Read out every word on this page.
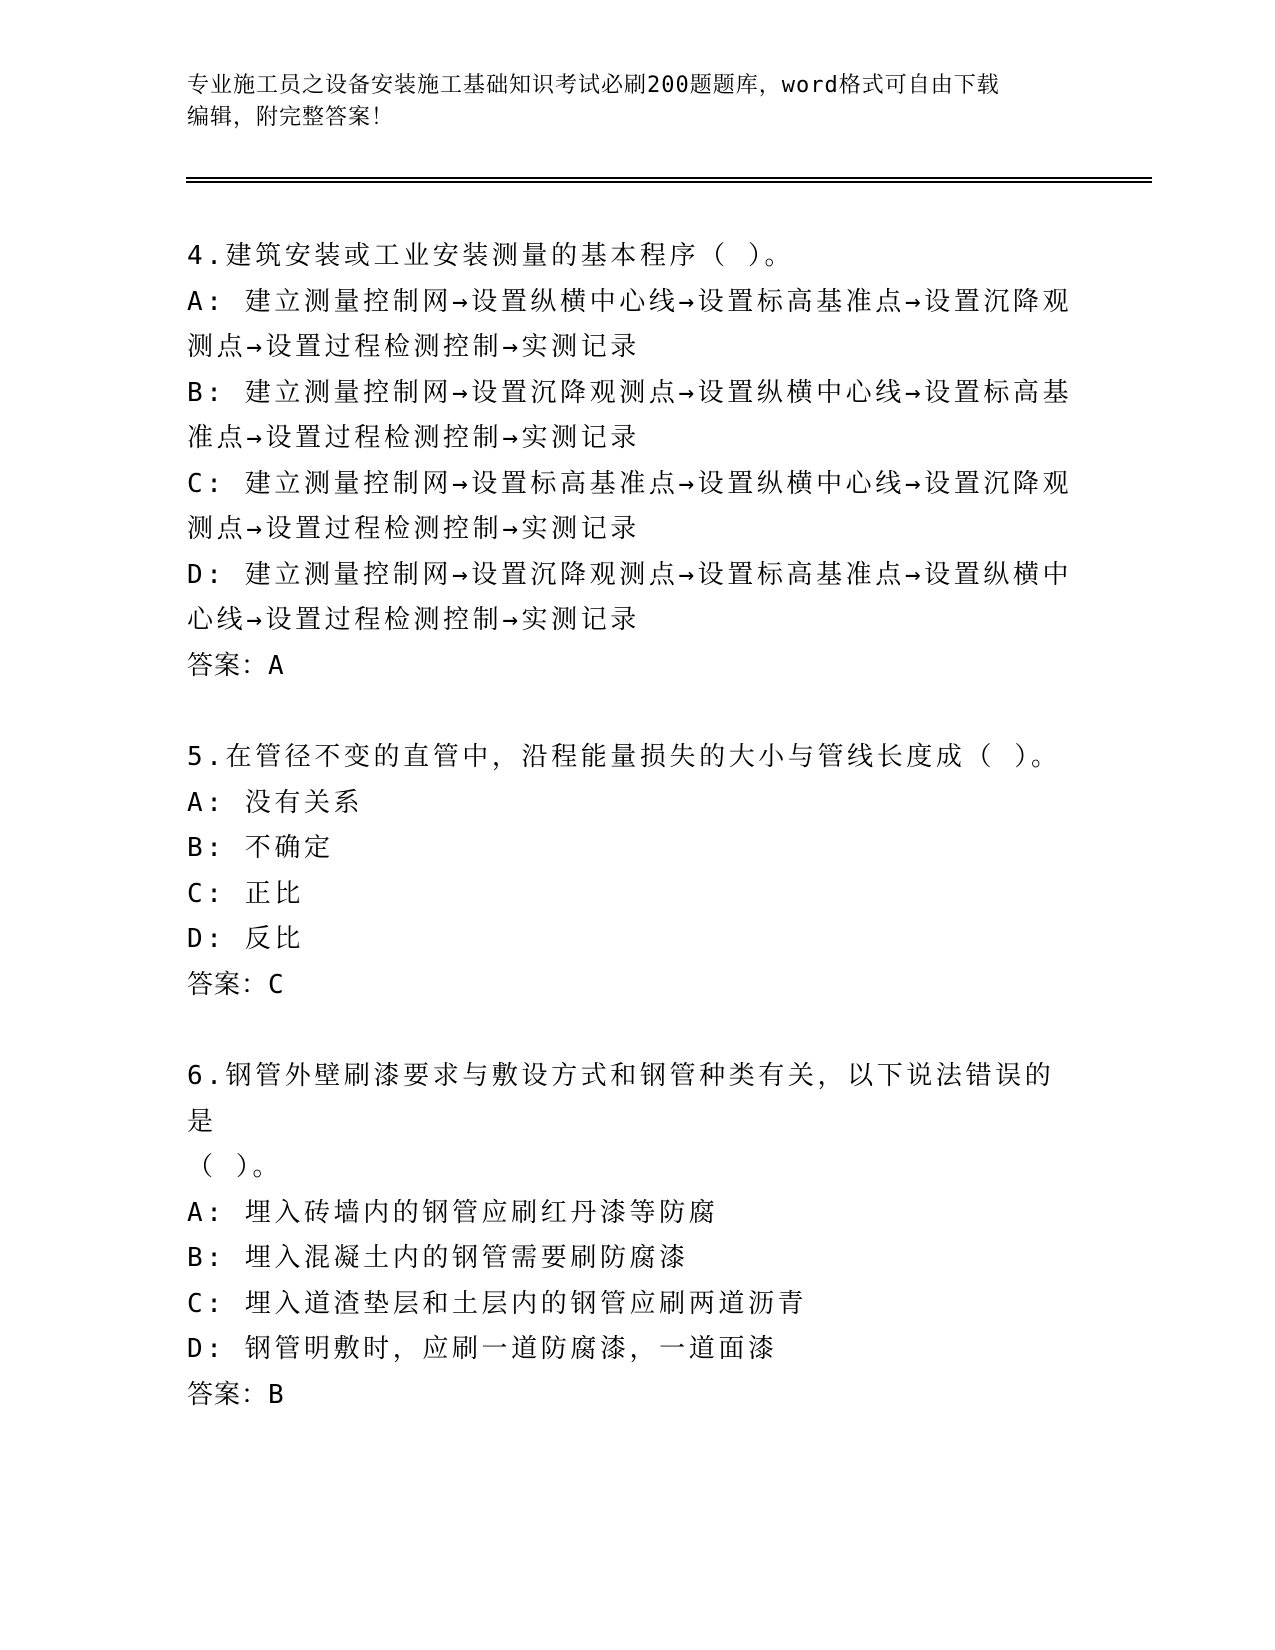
专业施工员之设备安装施工基础知识考试必刷200题题库，word格式可自由下载
编辑，附完整答案！

4.建筑安装或工业安装测量的基本程序（ ）。

A: 建立测量控制网→设置纵横中心线→设置标高基准点→设置沉降观

测点→设置过程检测控制→实测记录

B: 建立测量控制网→设置沉降观测点→设置纵横中心线→设置标高基

准点→设置过程检测控制→实测记录

C: 建立测量控制网→设置标高基准点→设置纵横中心线→设置沉降观

测点→设置过程检测控制→实测记录

D: 建立测量控制网→设置沉降观测点→设置标高基准点→设置纵横中

心线→设置过程检测控制→实测记录

答案：A

5.在管径不变的直管中，沿程能量损失的大小与管线长度成（ ）。

A: 没有关系

B: 不确定

C: 正比

D: 反比

答案：C

6.钢管外壁刷漆要求与敷设方式和钢管种类有关，以下说法错误的是

（ ）。

A: 埋入砖墙内的钢管应刷红丹漆等防腐

B: 埋入混凝土内的钢管需要刷防腐漆

C: 埋入道渣垫层和土层内的钢管应刷两道沥青

D: 钢管明敷时，应刷一道防腐漆，一道面漆

答案：B
